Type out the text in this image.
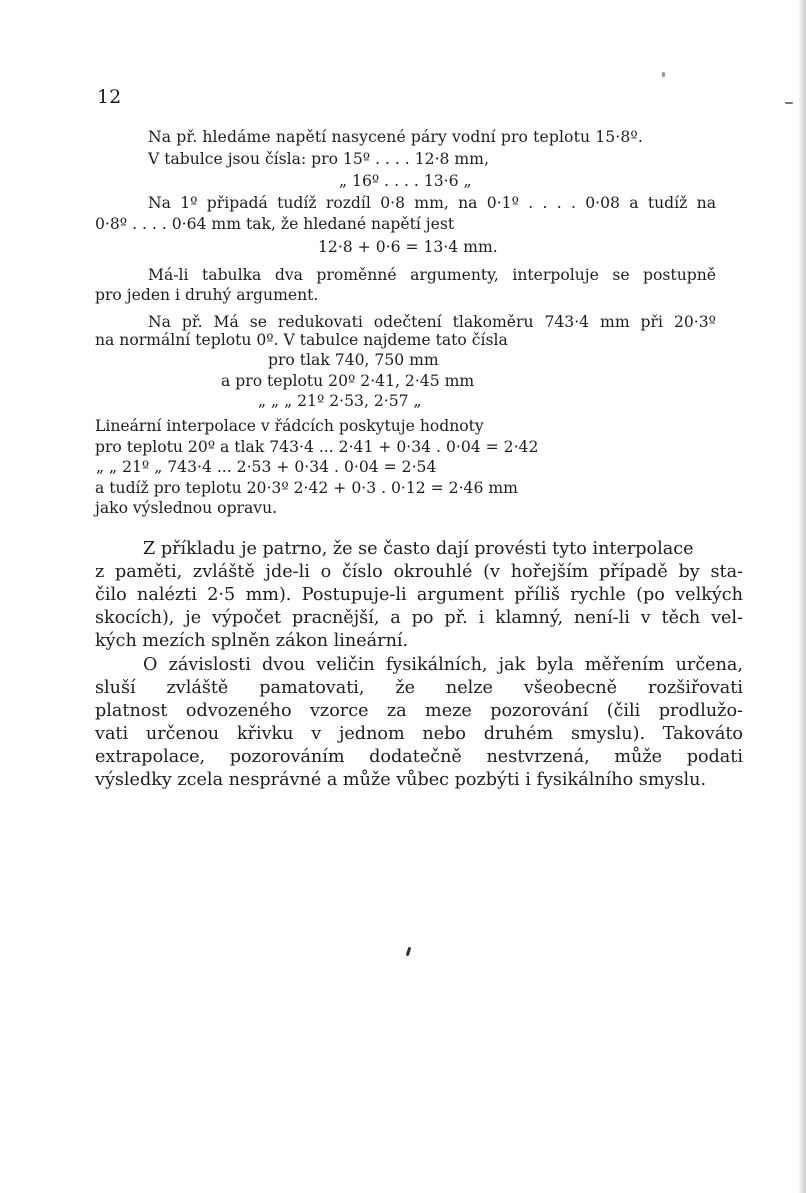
12
Na př. hledáme napětí nasycené páry vodní pro teplotu 15·8º.
V tabulce jsou čísla: pro 15º . . . . 12·8 mm,
„ 16º . . . . 13·6 „
Na 1º připadá tudíž rozdíl 0·8 mm, na 0·1º . . . . 0·08 a tudíž na
0·8º . . . . 0·64 mm tak, že hledané napětí jest
12·8 + 0·6 = 13·4 mm.
Má-li tabulka dva proměnné argumenty, interpoluje se postupně
pro jeden i druhý argument.
Na př. Má se redukovati odečtení tlakoměru 743·4 mm při 20·3º
na normální teplotu 0º. V tabulce najdeme tato čísla
pro tlak 740, 750 mm
a pro teplotu 20º 2·41, 2·45 mm
„ „ „ 21º 2·53, 2·57 „
Lineární interpolace v řádcích poskytuje hodnoty
pro teplotu 20º a tlak 743·4 ... 2·41 + 0·34 . 0·04 = 2·42
„ „ 21º „ 743·4 ... 2·53 + 0·34 . 0·04 = 2·54
a tudíž pro teplotu 20·3º 2·42 + 0·3 . 0·12 = 2·46 mm
jako výslednou opravu.
Z příkladu je patrno, že se často dají provésti tyto interpolace
z paměti, zvláště jde-li o číslo okrouhlé (v hořejším případě by sta-
čilo nalézti 2·5 mm). Postupuje-li argument příliš rychle (po velkých
skocích), je výpočet pracnější, a po př. i klamný, není-li v těch vel-
kých mezích splněn zákon lineární.
O závislosti dvou veličin fysikálních, jak byla měřením určena,
sluší zvláště pamatovati, že nelze všeobecně rozšiřovati
platnost odvozeného vzorce za meze pozorování (čili prodlužo-
vati určenou křivku v jednom nebo druhém smyslu). Takováto
extrapolace, pozorováním dodatečně nestvrzená, může podati
výsledky zcela nesprávné a může vůbec pozbýti i fysikálního smyslu.
